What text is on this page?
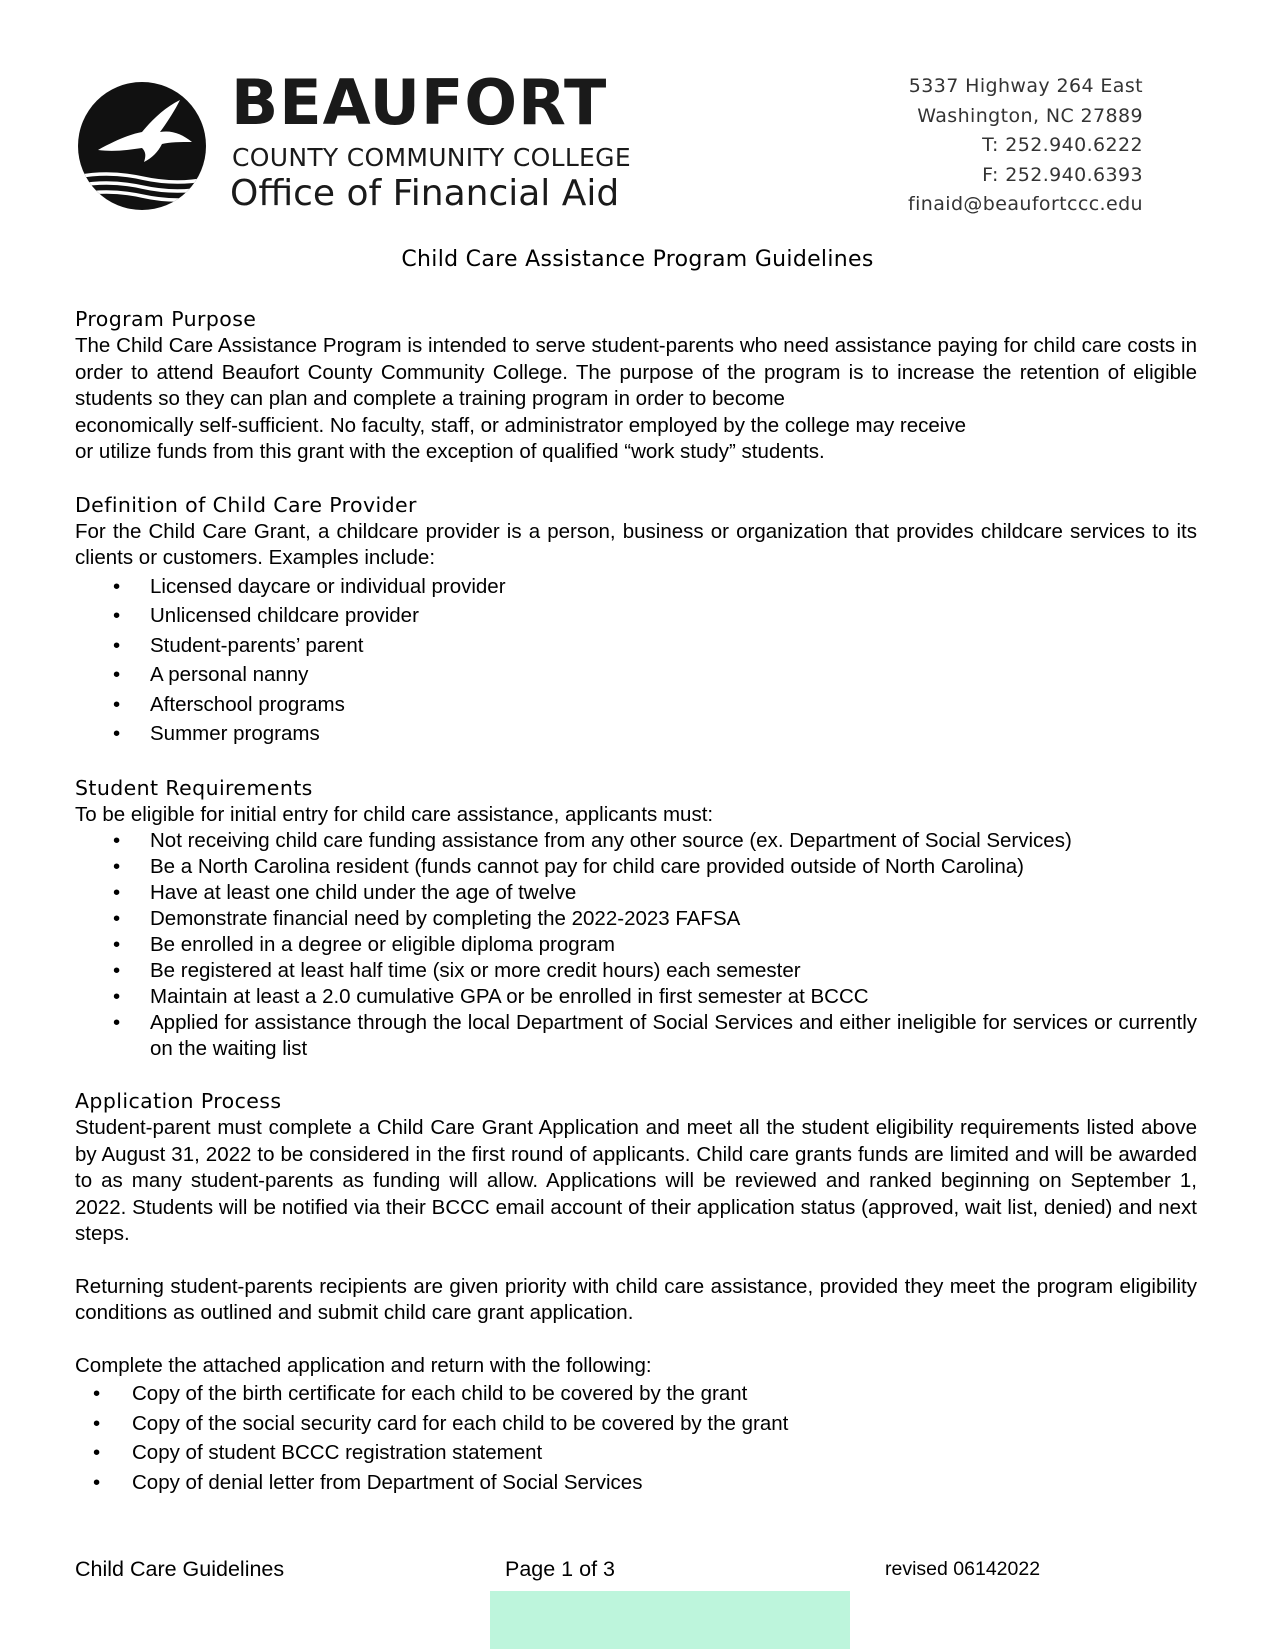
BEAUFORT
COUNTY COMMUNITY COLLEGE
Office of Financial Aid
5337 Highway 264 East
Washington, NC 27889
T: 252.940.6222
F: 252.940.6393
finaid@beaufortccc.edu
Child Care Assistance Program Guidelines

Program Purpose

The Child Care Assistance Program is intended to serve student-parents who need assistance paying for child care costs in order to attend Beaufort County Community College. The purpose of the program is to increase the retention of eligible students so they can plan and complete a training program in order to become
economically self-sufficient. No faculty, staff, or administrator employed by the college may receive
or utilize funds from this grant with the exception of qualified “work study” students.

Definition of Child Care Provider

For the Child Care Grant, a childcare provider is a person, business or organization that provides childcare services to its clients or customers. Examples include:

• Licensed daycare or individual provider
• Unlicensed childcare provider
• Student-parents’ parent
• A personal nanny
• Afterschool programs
• Summer programs

Student Requirements

To be eligible for initial entry for child care assistance, applicants must:

• Not receiving child care funding assistance from any other source (ex. Department of Social Services)
• Be a North Carolina resident (funds cannot pay for child care provided outside of North Carolina)
• Have at least one child under the age of twelve
• Demonstrate financial need by completing the 2022-2023 FAFSA
• Be enrolled in a degree or eligible diploma program
• Be registered at least half time (six or more credit hours) each semester
• Maintain at least a 2.0 cumulative GPA or be enrolled in first semester at BCCC
• Applied for assistance through the local Department of Social Services and either ineligible for services or currently on the waiting list

Application Process

Student-parent must complete a Child Care Grant Application and meet all the student eligibility requirements listed above by August 31, 2022 to be considered in the first round of applicants. Child care grants funds are limited and will be awarded to as many student-parents as funding will allow. Applications will be reviewed and ranked beginning on September 1, 2022. Students will be notified via their BCCC email account of their application status (approved, wait list, denied) and next steps.

Returning student-parents recipients are given priority with child care assistance, provided they meet the program eligibility conditions as outlined and submit child care grant application.

Complete the attached application and return with the following:

• Copy of the birth certificate for each child to be covered by the grant
• Copy of the social security card for each child to be covered by the grant
• Copy of student BCCC registration statement
• Copy of denial letter from Department of Social Services
Child Care Guidelines	Page 1 of 3	revised 06142022
